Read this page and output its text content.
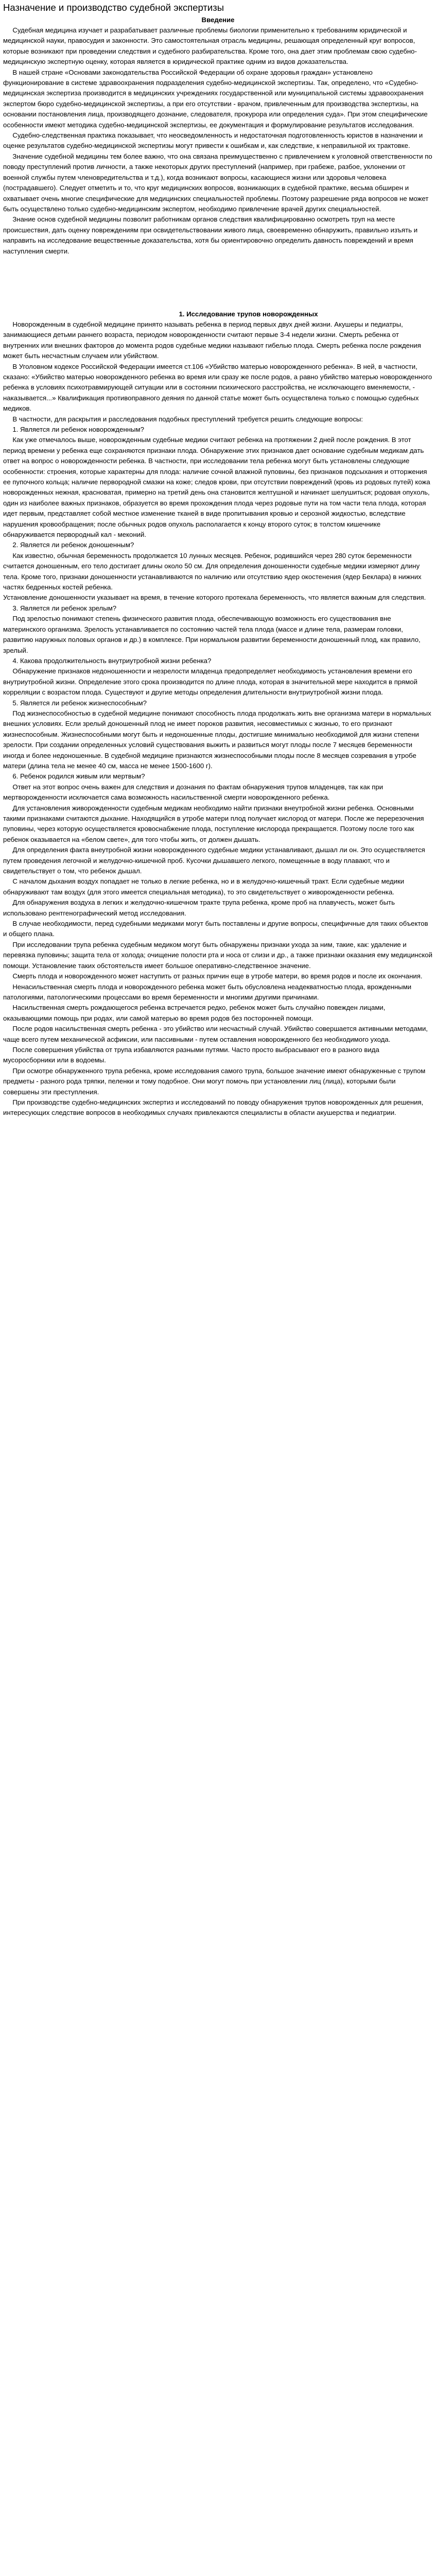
Назначение и производство судебной экспертизы
Введение

Судебная медицина изучает и разрабатывает различные проблемы биологии применительно к требованиям юридической и медицинской науки, правосудия и законности. Это самостоятельная отрасль медицины, решающая определенный круг вопросов, которые возникают при проведении следствия и судебного разбирательства. Кроме того, она дает этим проблемам свою судебно-медицинскую экспертную оценку, которая является в юридической практике одним из видов доказательства.

В нашей стране «Основами законодательства Российской Федерации об охране здоровья граждан» установлено функционирование в системе здравоохранения подразделения судебно-медицинской экспертизы. Так, определено, что «Судебно-медицинская экспертиза производится в медицинских учреждениях государственной или муниципальной системы здравоохранения экспертом бюро судебно-медицинской экспертизы, а при его отсутствии - врачом, привлеченным для производства экспертизы, на основании постановления лица, производящего дознание, следователя, прокурора или определения суда». При этом специфические особенности имеют методика судебно-медицинской экспертизы, ее документация и формулирование результатов исследования.

Судебно-следственная практика показывает, что неосведомленность и недостаточная подготовленность юристов в назначении и оценке результатов судебно-медицинской экспертизы могут привести к ошибкам и, как следствие, к неправильной их трактовке.

Значение судебной медицины тем более важно, что она связана преимущественно с привлечением к уголовной ответственности по поводу преступлений против личности, а также некоторых других преступлений (например, при грабеже, разбое, уклонении от военной службы путем членовредительства и т.д.), когда возникают вопросы, касающиеся жизни или здоровья человека (пострадавшего). Следует отметить и то, что круг медицинских вопросов, возникающих в судебной практике, весьма обширен и охватывает очень многие специфические для медицинских специальностей проблемы. Поэтому разрешение ряда вопросов не может быть осуществлено только судебно-медицинским экспертом, необходимо привлечение врачей других специальностей.

Знание основ судебной медицины позволит работникам органов следствия квалифицированно осмотреть труп на месте происшествия, дать оценку повреждениям при освидетельствовании живого лица, своевременно обнаружить, правильно изъять и направить на исследование вещественные доказательства, хотя бы ориентировочно определить давность повреждений и время наступления смерти.

1. Исследование трупов новорожденных

Новорожденным в судебной медицине принято называть ребенка в период первых двух дней жизни. Акушеры и педиатры, занимающиеся детьми раннего возраста, периодом новорожденности считают первые 3-4 недели жизни. Смерть ребенка от внутренних или внешних факторов до момента родов судебные медики называют гибелью плода. Смерть ребенка после рождения может быть несчастным случаем или убийством.

В Уголовном кодексе Российской Федерации имеется ст.106 «Убийство матерью новорожденного ребенка». В ней, в частности, сказано: «Убийство матерью новорожденного ребенка во время или сразу же после родов, а равно убийство матерью новорожденного ребенка в условиях психотравмирующей ситуации или в состоянии психического расстройства, не исключающего вменяемости, - наказывается...» Квалификация противоправного деяния по данной статье может быть осуществлена только с помощью судебных медиков.

В частности, для раскрытия и расследования подобных преступлений требуется решить следующие вопросы:

1. Является ли ребенок новорожденным?

Как уже отмечалось выше, новорожденным судебные медики считают ребенка на протяжении 2 дней после рождения. В этот период времени у ребенка еще сохраняются признаки плода. Обнаружение этих признаков дает основание судебным медикам дать ответ на вопрос о новорожденности ребенка. В частности, при исследовании тела ребенка могут быть установлены следующие особенности: строения, которые характерны для плода: наличие сочной влажной пуповины, без признаков подсыхания и отторжения ее пупочного кольца; наличие первородной смазки на коже; следов крови, при отсутствии повреждений (кровь из родовых путей) кожа новорожденных нежная, красноватая, примерно на третий день она становится желтушной и начинает шелушиться; родовая опухоль, один из наиболее важных признаков, образуется во время прохождения плода через родовые пути на том части тела плода, которая идет первым, представляет собой местное изменение тканей в виде пропитывания кровью и серозной жидкостью, вследствие нарушения кровообращения; после обычных родов опухоль располагается к концу второго суток; в толстом кишечнике обнаруживается первородный кал - меконий.

2. Является ли ребенок доношенным?

Как известно, обычная беременность продолжается 10 лунных месяцев. Ребенок, родившийся через 280 суток беременности считается доношенным, его тело достигает длины около 50 см. Для определения доношенности судебные медики измеряют длину тела. Кроме того, признаки доношенности устанавливаются по наличию или отсутствию ядер окостенения (ядер Беклара) в нижних частях бедренных костей ребенка.

Установление доношенности указывает на время, в течение которого протекала беременность, что является важным для следствия.

3. Является ли ребенок зрелым?

Под зрелостью понимают степень физического развития плода, обеспечивающую возможность его существования вне материнского организма. Зрелость устанавливается по состоянию частей тела плода (массе и длине тела, размерам головки, развитию наружных половых органов и др.) в комплексе. При нормальном развитии беременности доношенный плод, как правило, зрелый.

4. Какова продолжительность внутриутробной жизни ребенка?

Обнаружение признаков недоношенности и незрелости младенца предопределяет необходимость установления времени его внутриутробной жизни. Определение этого срока производится по длине плода, которая в значительной мере находится в прямой корреляции с возрастом плода. Существуют и другие методы определения длительности внутриутробной жизни плода.

5. Является ли ребенок жизнеспособным?

Под жизнеспособностью в судебной медицине понимают способность плода продолжать жить вне организма матери в нормальных внешних условиях. Если зрелый доношенный плод не имеет пороков развития, несовместимых с жизнью, то его признают жизнеспособным. Жизнеспособными могут быть и недоношенные плоды, достигшие минимально необходимой для жизни степени зрелости. При создании определенных условий существования выжить и развиться могут плоды после 7 месяцев беременности иногда и более недоношенные. В судебной медицине признаются жизнеспособными плоды после 8 месяцев созревания в утробе матери (длина тела не менее 40 см, масса не менее 1500-1600 г).

6. Ребенок родился живым или мертвым?

Ответ на этот вопрос очень важен для следствия и дознания по фактам обнаружения трупов младенцев, так как при мертворожденности исключается сама возможность насильственной смерти новорожденного ребенка.

Для установления живорожденности судебным медикам необходимо найти признаки внеутробной жизни ребенка. Основными такими признаками считаются дыхание. Находящийся в утробе матери плод получает кислород от матери. После же перерезочения пуповины, через которую осуществляется кровоснабжение плода, поступление кислорода прекращается. Поэтому после того как ребенок оказывается на «белом свете», для того чтобы жить, от должен дышать.

Для определения факта внеутробной жизни новорожденного судебные медики устанавливают, дышал ли он. Это осуществляется путем проведения легочной и желудочно-кишечной проб. Кусочки дышавшего легкого, помещенные в воду плавают, что и свидетельствует о том, что ребенок дышал.

С началом дыхания воздух попадает не только в легкие ребенка, но и в желудочно-кишечный тракт. Если судебные медики обнаруживают там воздух (для этого имеется специальная методика), то это свидетельствует о живорожденности ребенка.

Для обнаружения воздуха в легких и желудочно-кишечном тракте трупа ребенка, кроме проб на плавучесть, может быть использовано рентгенографический метод исследования.

В случае необходимости, перед судебными медиками могут быть поставлены и другие вопросы, специфичные для таких объектов и общего плана.

При исследовании трупа ребенка судебным медиком могут быть обнаружены признаки ухода за ним, такие, как: удаление и перевязка пуповины; защита тела от холода; очищение полости рта и носа от слизи и др., а также признаки оказания ему медицинской помощи. Установление таких обстоятельств имеет большое оперативно-следственное значение.

Смерть плода и новорожденного может наступить от разных причин еще в утробе матери, во время родов и после их окончания.

Ненасильственная смерть плода и новорожденного ребенка может быть обусловлена неадекватностью плода, врожденными патологиями, патологическими процессами во время беременности и многими другими причинами.

Насильственная смерть рождающегося ребенка встречается редко, ребенок может быть случайно повежден лицами, оказывающими помощь при родах, или самой матерью во время родов без посторонней помощи.

После родов насильственная смерть ребенка - это убийство или несчастный случай. Убийство совершается активными методами, чаще всего путем механической асфиксии, или пассивными - путем оставления новорожденного без необходимого ухода.

После совершения убийства от трупа избавляются разными путями. Часто просто выбрасывают его в разного вида мусоросборники или в водоемы.

При осмотре обнаруженного трупа ребенка, кроме исследования самого трупа, большое значение имеют обнаруженные с трупом предметы - разного рода тряпки, пеленки и тому подобное. Они могут помочь при установлении лиц (лица), которыми были совершены эти преступления.

При производстве судебно-медицинских экспертиз и исследований по поводу обнаружения трупов новорожденных для решения, интересующих следствие вопросов в необходимых случаях привлекаются специалисты в области акушерства и педиатрии.
